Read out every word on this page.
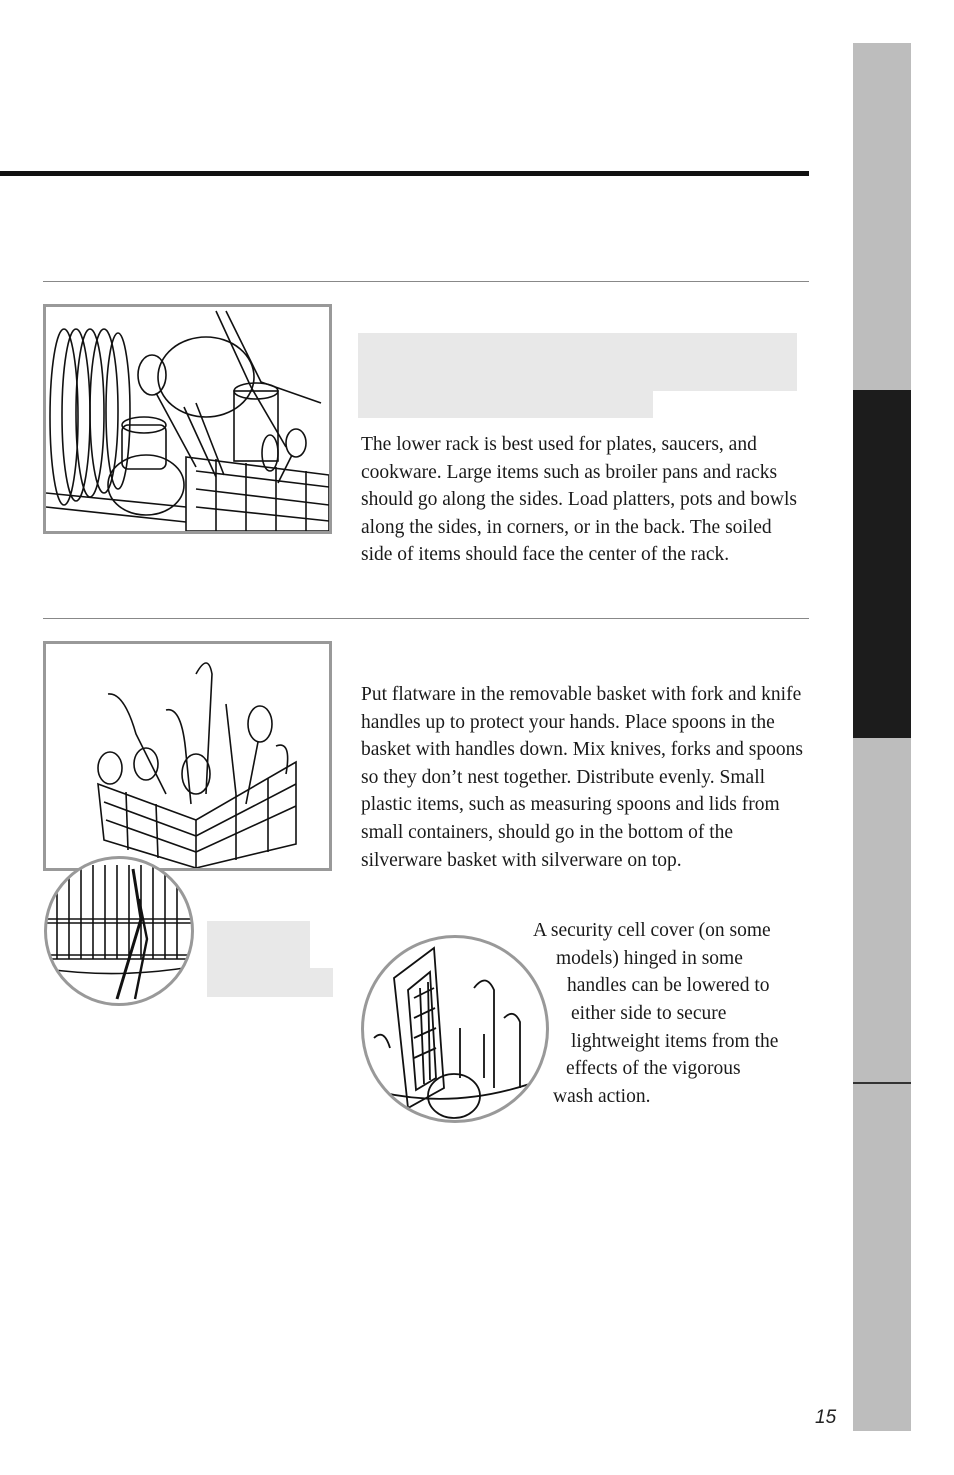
The lower rack is best used for plates, saucers, and cookware. Large items such as broiler pans and racks should go along the sides. Load platters, pots and bowls along the sides, in corners, or in the back. The soiled side of items should face the center of the rack.

Put flatware in the removable basket with fork and knife handles up to protect your hands. Place spoons in the basket with handles down. Mix knives, forks and spoons so they don’t nest together. Distribute evenly. Small plastic items, such as measuring spoons and lids from small containers, should go in the bottom of the silverware basket with silverware on top.

A security cell cover (on some
models) hinged in some
handles can be lowered to
either side to secure
lightweight items from the
effects of the vigorous
wash action.
15
